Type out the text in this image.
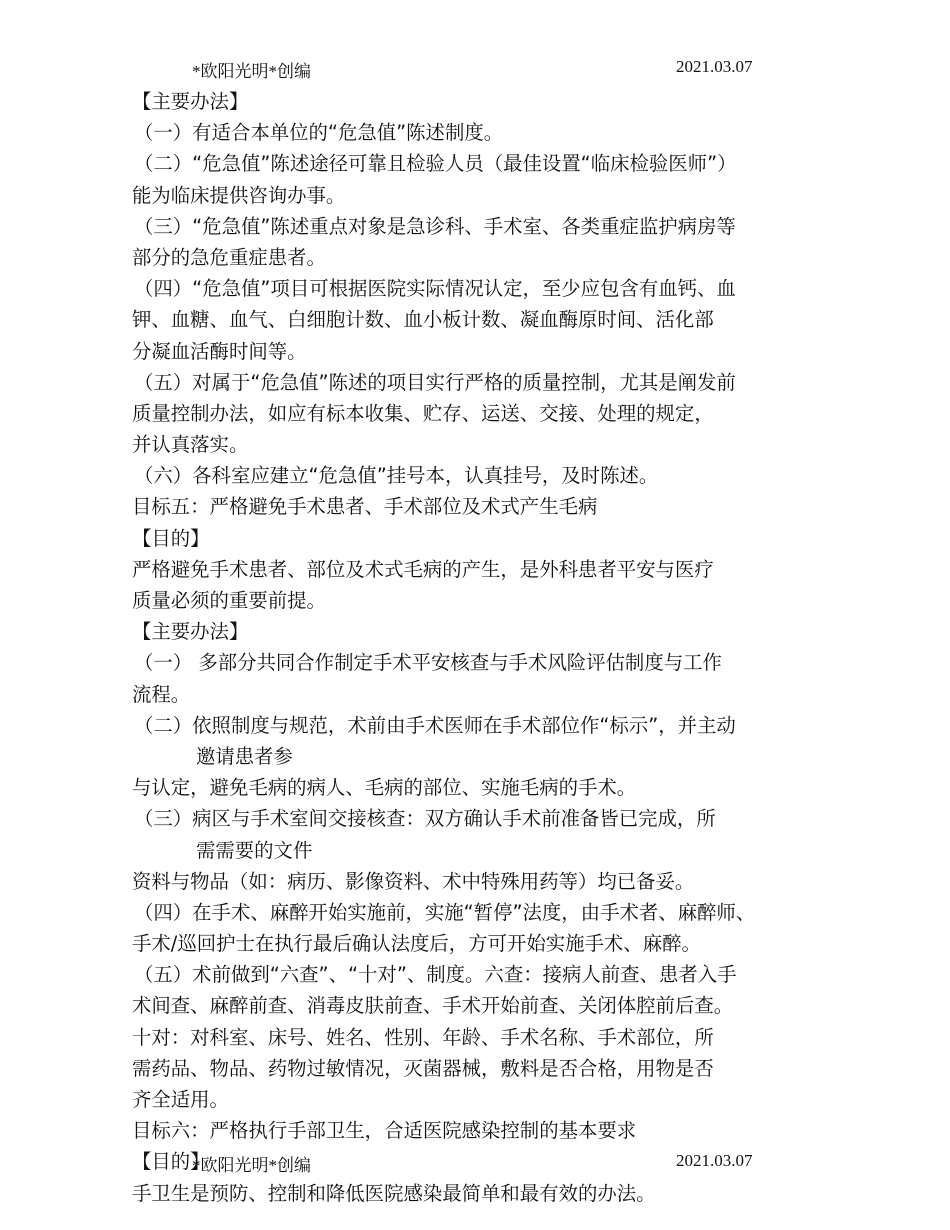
*欧阳光明*创编	2021.03.07
【主要办法】
（一）有适合本单位的“危急值”陈述制度。
（二）“危急值”陈述途径可靠且检验人员（最佳设置“临床检验医师”）
能为临床提供咨询办事。
（三）“危急值”陈述重点对象是急诊科、手术室、各类重症监护病房等
部分的急危重症患者。
（四）“危急值”项目可根据医院实际情况认定，至少应包含有血钙、血
钾、血糖、血气、白细胞计数、血小板计数、凝血酶原时间、活化部
分凝血活酶时间等。
（五）对属于“危急值”陈述的项目实行严格的质量控制，尤其是阐发前
质量控制办法，如应有标本收集、贮存、运送、交接、处理的规定，
并认真落实。
（六）各科室应建立“危急值”挂号本，认真挂号，及时陈述。
目标五：严格避免手术患者、手术部位及术式产生毛病
【目的】
严格避免手术患者、部位及术式毛病的产生，是外科患者平安与医疗
质量必须的重要前提。
【主要办法】
（一） 多部分共同合作制定手术平安核查与手术风险评估制度与工作
流程。
（二）依照制度与规范，术前由手术医师在手术部位作“标示”，并主动
邀请患者参
与认定，避免毛病的病人、毛病的部位、实施毛病的手术。
（三）病区与手术室间交接核查：双方确认手术前准备皆已完成，所
需需要的文件
资料与物品（如：病历、影像资料、术中特殊用药等）均已备妥。
（四）在手术、麻醉开始实施前，实施“暂停”法度，由手术者、麻醉师、
手术/巡回护士在执行最后确认法度后，方可开始实施手术、麻醉。
（五）术前做到“六查”、“十对”、制度。六查：接病人前查、患者入手
术间查、麻醉前查、消毒皮肤前查、手术开始前查、关闭体腔前后查。
十对：对科室、床号、姓名、性别、年龄、手术名称、手术部位，所
需药品、物品、药物过敏情况，灭菌器械，敷料是否合格，用物是否
齐全适用。
目标六：严格执行手部卫生，合适医院感染控制的基本要求
【目的】
手卫生是预防、控制和降低医院感染最简单和最有效的办法。
*欧阳光明*创编	2021.03.07
